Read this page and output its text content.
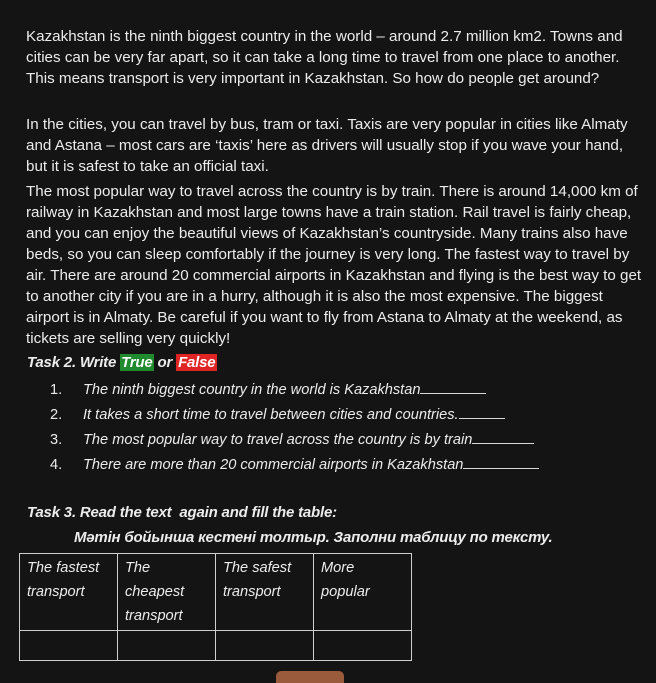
Kazakhstan is the ninth biggest country in the world – around 2.7 million km2. Towns and cities can be very far apart, so it can take a long time to travel from one place to another. This means transport is very important in Kazakhstan. So how do people get around?

In the cities, you can travel by bus, tram or taxi. Taxis are very popular in cities like Almaty and Astana – most cars are ‘taxis’ here as drivers will usually stop if you wave your hand, but it is safest to take an official taxi.

The most popular way to travel across the country is by train. There is around 14,000 km of railway in Kazakhstan and most large towns have a train station. Rail travel is fairly cheap, and you can enjoy the beautiful views of Kazakhstan’s countryside. Many trains also have beds, so you can sleep comfortably if the journey is very long. The fastest way to travel by air. There are around 20 commercial airports in Kazakhstan and flying is the best way to get to another city if you are in a hurry, although it is also the most expensive. The biggest airport is in Almaty. Be careful if you want to fly from Astana to Almaty at the weekend, as tickets are selling very quickly!

Task 2. Write True or False

1. The ninth biggest country in the world is Kazakhstan
2. It takes a short time to travel between cities and countries.
3. The most popular way to travel across the country is by train
4. There are more than 20 commercial airports in Kazakhstan

Task 3. Read the text  again and fill the table:

Мәтін бойынша кестені толтыр. Заполни таблицу по тексту.

The fastest transport	The cheapest transport	The safest transport	More popular
